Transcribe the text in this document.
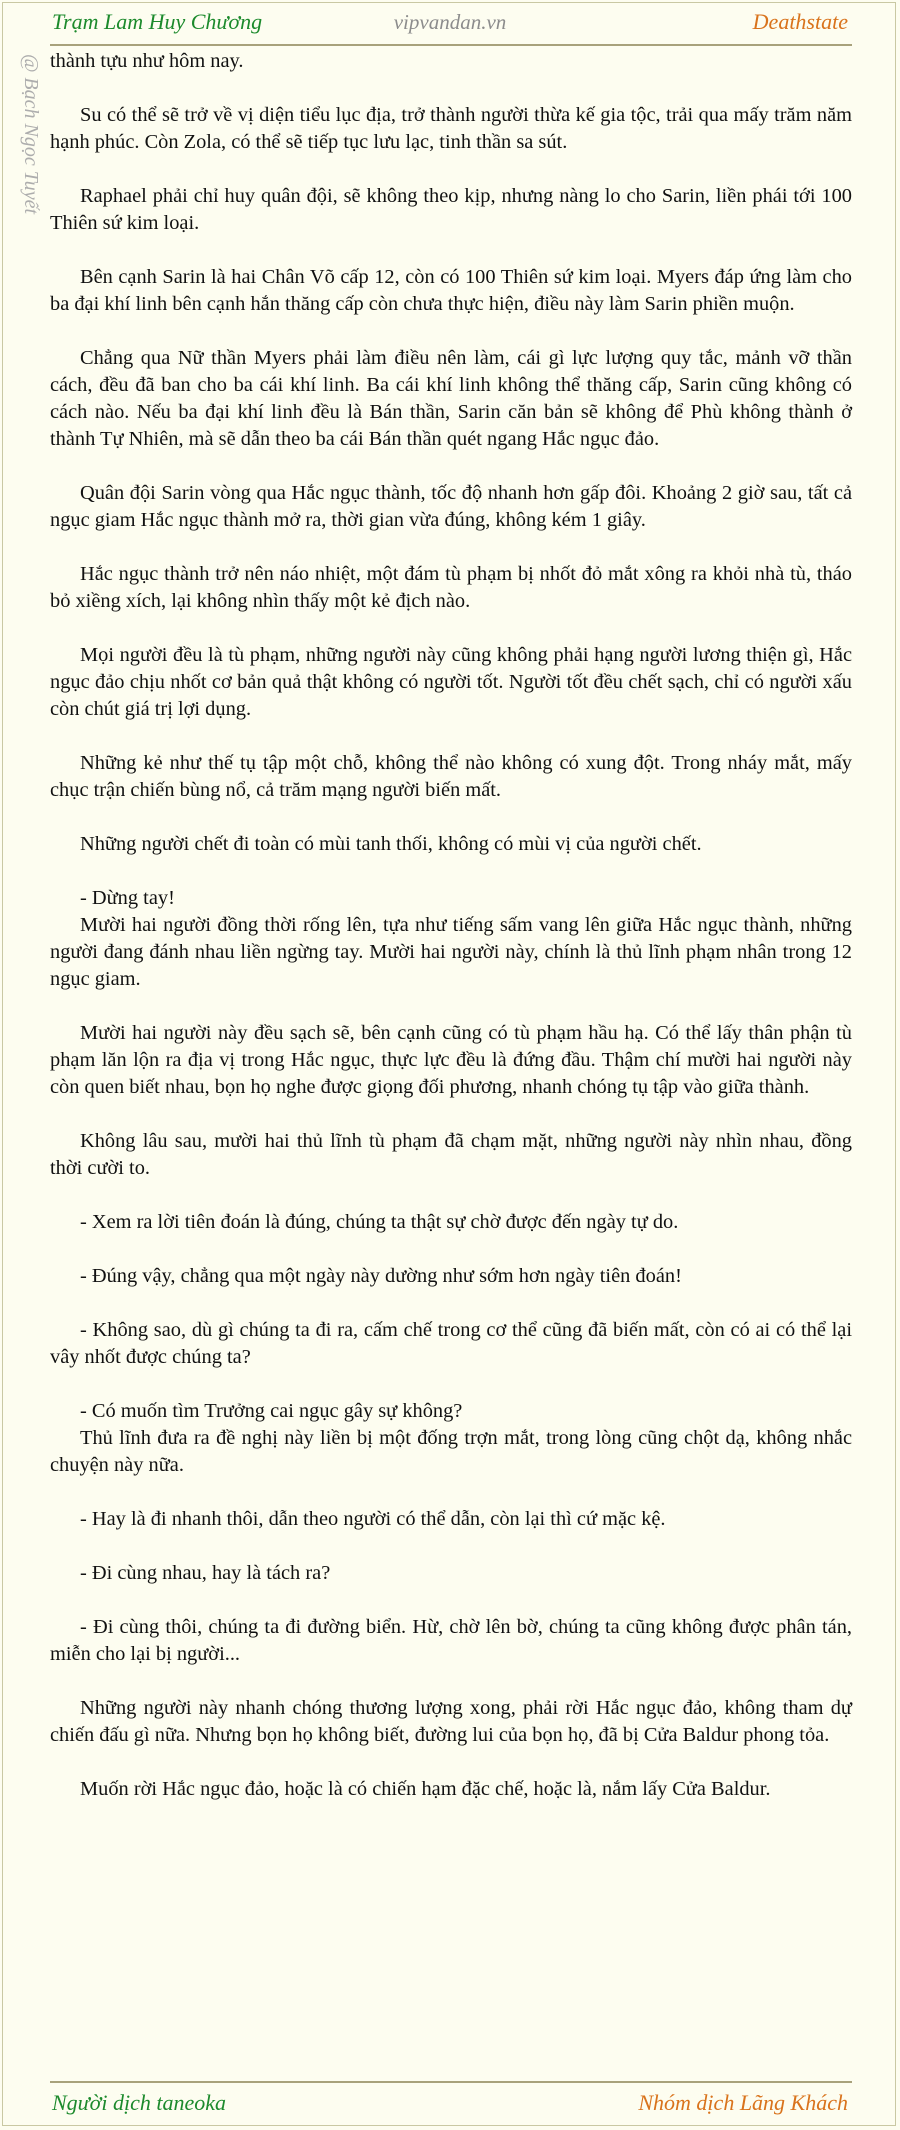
Trạm Lam Huy Chương	vipvandan.vn	Deathstate
@ Bạch Ngọc Tuyết thành tựu như hôm nay.

Su có thể sẽ trở về vị diện tiểu lục địa, trở thành người thừa kế gia tộc, trải qua mấy trăm năm hạnh phúc. Còn Zola, có thể sẽ tiếp tục lưu lạc, tinh thần sa sút.

Raphael phải chỉ huy quân đội, sẽ không theo kịp, nhưng nàng lo cho Sarin, liền phái tới 100 Thiên sứ kim loại.

Bên cạnh Sarin là hai Chân Võ cấp 12, còn có 100 Thiên sứ kim loại. Myers đáp ứng làm cho ba đại khí linh bên cạnh hắn thăng cấp còn chưa thực hiện, điều này làm Sarin phiền muộn.

Chẳng qua Nữ thần Myers phải làm điều nên làm, cái gì lực lượng quy tắc, mảnh vỡ thần cách, đều đã ban cho ba cái khí linh. Ba cái khí linh không thể thăng cấp, Sarin cũng không có cách nào. Nếu ba đại khí linh đều là Bán thần, Sarin căn bản sẽ không để Phù không thành ở thành Tự Nhiên, mà sẽ dẫn theo ba cái Bán thần quét ngang Hắc ngục đảo.

Quân đội Sarin vòng qua Hắc ngục thành, tốc độ nhanh hơn gấp đôi. Khoảng 2 giờ sau, tất cả ngục giam Hắc ngục thành mở ra, thời gian vừa đúng, không kém 1 giây.

Hắc ngục thành trở nên náo nhiệt, một đám tù phạm bị nhốt đỏ mắt xông ra khỏi nhà tù, tháo bỏ xiềng xích, lại không nhìn thấy một kẻ địch nào.

Mọi người đều là tù phạm, những người này cũng không phải hạng người lương thiện gì, Hắc ngục đảo chịu nhốt cơ bản quả thật không có người tốt. Người tốt đều chết sạch, chỉ có người xấu còn chút giá trị lợi dụng.

Những kẻ như thế tụ tập một chỗ, không thể nào không có xung đột. Trong nháy mắt, mấy chục trận chiến bùng nổ, cả trăm mạng người biến mất.

Những người chết đi toàn có mùi tanh thối, không có mùi vị của người chết.

- Dừng tay!

Mười hai người đồng thời rống lên, tựa như tiếng sấm vang lên giữa Hắc ngục thành, những người đang đánh nhau liền ngừng tay. Mười hai người này, chính là thủ lĩnh phạm nhân trong 12 ngục giam.

Mười hai người này đều sạch sẽ, bên cạnh cũng có tù phạm hầu hạ. Có thể lấy thân phận tù phạm lăn lộn ra địa vị trong Hắc ngục, thực lực đều là đứng đầu. Thậm chí mười hai người này còn quen biết nhau, bọn họ nghe được giọng đối phương, nhanh chóng tụ tập vào giữa thành.

Không lâu sau, mười hai thủ lĩnh tù phạm đã chạm mặt, những người này nhìn nhau, đồng thời cười to.

- Xem ra lời tiên đoán là đúng, chúng ta thật sự chờ được đến ngày tự do.

- Đúng vậy, chẳng qua một ngày này dường như sớm hơn ngày tiên đoán!

- Không sao, dù gì chúng ta đi ra, cấm chế trong cơ thể cũng đã biến mất, còn có ai có thể lại vây nhốt được chúng ta?

- Có muốn tìm Trưởng cai ngục gây sự không?

Thủ lĩnh đưa ra đề nghị này liền bị một đống trợn mắt, trong lòng cũng chột dạ, không nhắc chuyện này nữa.

- Hay là đi nhanh thôi, dẫn theo người có thể dẫn, còn lại thì cứ mặc kệ.

- Đi cùng nhau, hay là tách ra?

- Đi cùng thôi, chúng ta đi đường biển. Hừ, chờ lên bờ, chúng ta cũng không được phân tán, miễn cho lại bị người...

Những người này nhanh chóng thương lượng xong, phải rời Hắc ngục đảo, không tham dự chiến đấu gì nữa. Nhưng bọn họ không biết, đường lui của bọn họ, đã bị Cửa Baldur phong tỏa.

Muốn rời Hắc ngục đảo, hoặc là có chiến hạm đặc chế, hoặc là, nắm lấy Cửa Baldur.

Người dịch taneoka	Nhóm dịch Lãng Khách
